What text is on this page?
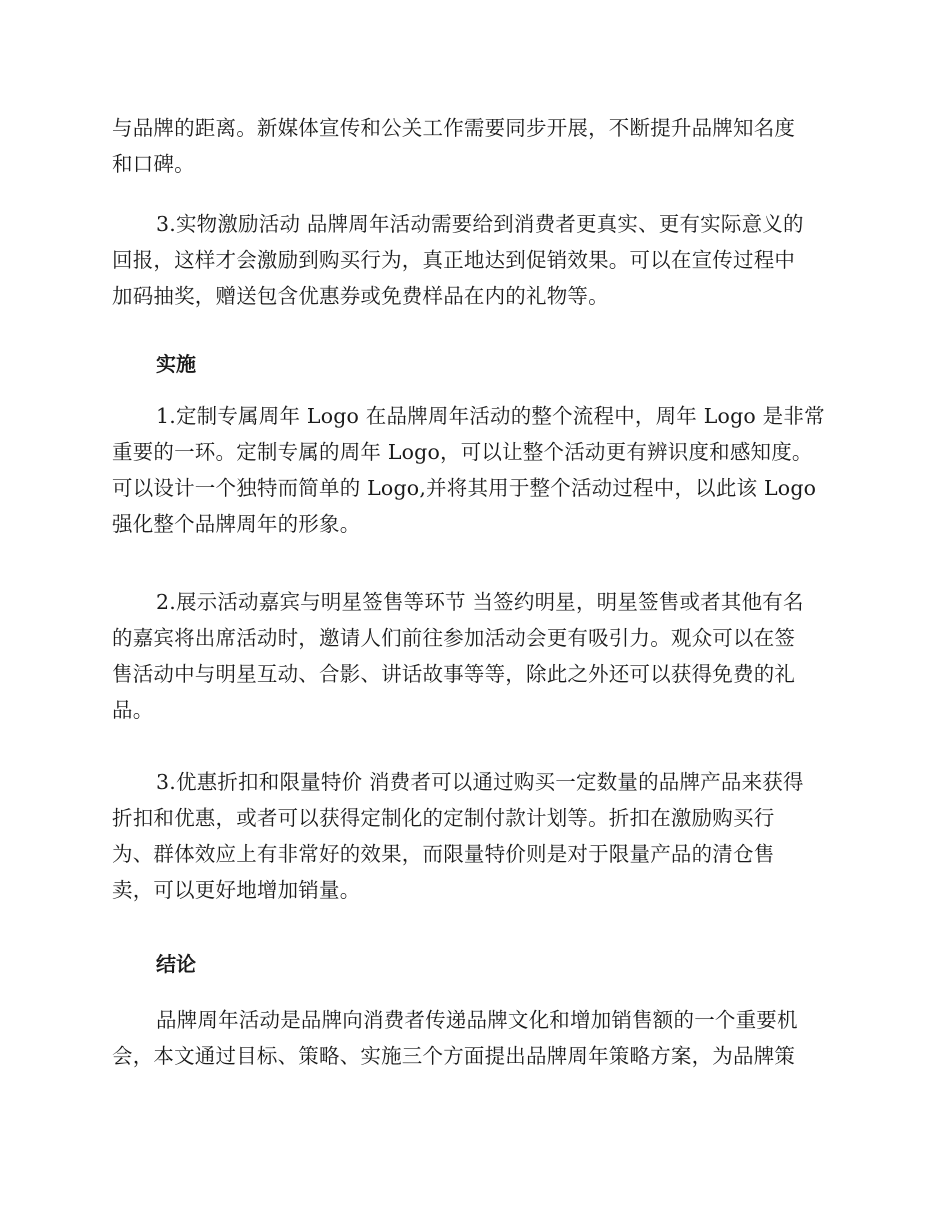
与品牌的距离。新媒体宣传和公关工作需要同步开展，不断提升品牌知名度
和口碑。
3.实物激励活动 品牌周年活动需要给到消费者更真实、更有实际意义的
回报，这样才会激励到购买行为，真正地达到促销效果。可以在宣传过程中
加码抽奖，赠送包含优惠券或免费样品在内的礼物等。
实施
1.定制专属周年 Logo 在品牌周年活动的整个流程中，周年 Logo 是非常
重要的一环。定制专属的周年 Logo，可以让整个活动更有辨识度和感知度。
可以设计一个独特而简单的 Logo,并将其用于整个活动过程中，以此该 Logo
强化整个品牌周年的形象。
2.展示活动嘉宾与明星签售等环节 当签约明星，明星签售或者其他有名
的嘉宾将出席活动时，邀请人们前往参加活动会更有吸引力。观众可以在签
售活动中与明星互动、合影、讲话故事等等，除此之外还可以获得免费的礼
品。
3.优惠折扣和限量特价 消费者可以通过购买一定数量的品牌产品来获得
折扣和优惠，或者可以获得定制化的定制付款计划等。折扣在激励购买行
为、群体效应上有非常好的效果，而限量特价则是对于限量产品的清仓售
卖，可以更好地增加销量。
结论
品牌周年活动是品牌向消费者传递品牌文化和增加销售额的一个重要机
会，本文通过目标、策略、实施三个方面提出品牌周年策略方案，为品牌策
